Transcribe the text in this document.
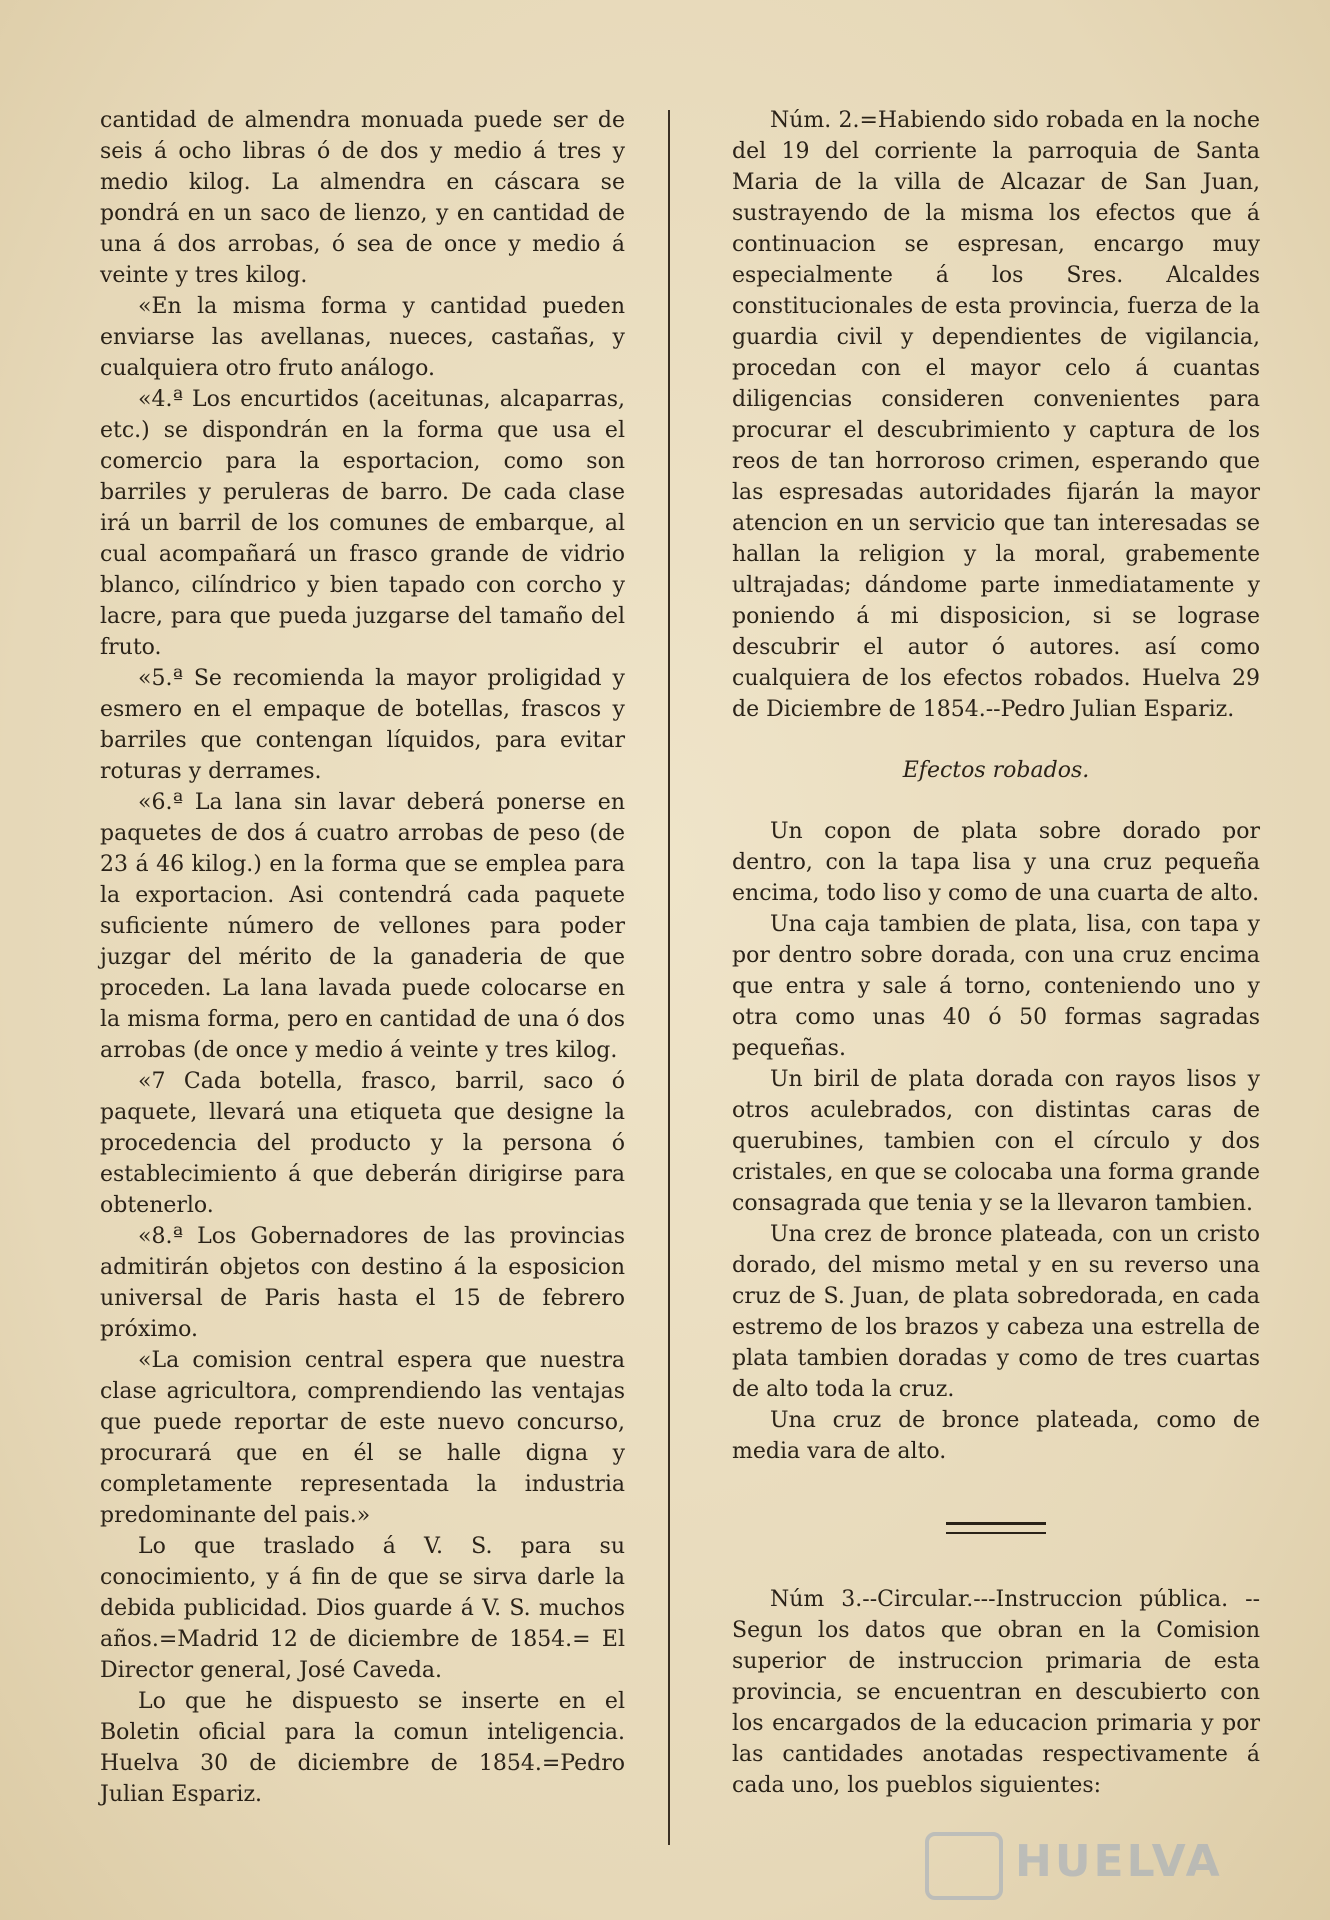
cantidad de almendra monuada puede ser de seis á ocho libras ó de dos y medio á tres y medio kilog. La almendra en cáscara se pondrá en un saco de lienzo, y en cantidad de una á dos arrobas, ó sea de once y medio á veinte y tres kilog.

«En la misma forma y cantidad pueden enviarse las avellanas, nueces, castañas, y cualquiera otro fruto análogo.

«4.ª Los encurtidos (aceitunas, alcaparras, etc.) se dispondrán en la forma que usa el comercio para la esportacion, como son barriles y peruleras de barro. De cada clase irá un barril de los comunes de embarque, al cual acompañará un frasco grande de vidrio blanco, cilíndrico y bien tapado con corcho y lacre, para que pueda juzgarse del tamaño del fruto.

«5.ª Se recomienda la mayor proligidad y esmero en el empaque de botellas, frascos y barriles que contengan líquidos, para evitar roturas y derrames.

«6.ª La lana sin lavar deberá ponerse en paquetes de dos á cuatro arrobas de peso (de 23 á 46 kilog.) en la forma que se emplea para la exportacion. Asi contendrá cada paquete suficiente número de vellones para poder juzgar del mérito de la ganaderia de que proceden. La lana lavada puede colocarse en la misma forma, pero en cantidad de una ó dos arrobas (de once y medio á veinte y tres kilog.

«7 Cada botella, frasco, barril, saco ó paquete, llevará una etiqueta que designe la procedencia del producto y la persona ó establecimiento á que deberán dirigirse para obtenerlo.

«8.ª Los Gobernadores de las provincias admitirán objetos con destino á la esposicion universal de Paris hasta el 15 de febrero próximo.

«La comision central espera que nuestra clase agricultora, comprendiendo las ventajas que puede reportar de este nuevo concurso, procurará que en él se halle digna y completamente representada la industria predominante del pais.»

Lo que traslado á V. S. para su conocimiento, y á fin de que se sirva darle la debida publicidad. Dios guarde á V. S. muchos años.=Madrid 12 de diciembre de 1854.= El Director general, José Caveda.

Lo que he dispuesto se inserte en el Boletin oficial para la comun inteligencia. Huelva 30 de diciembre de 1854.=Pedro Julian Espariz.

Núm. 2.=Habiendo sido robada en la noche del 19 del corriente la parroquia de Santa Maria de la villa de Alcazar de San Juan, sustrayendo de la misma los efectos que á continuacion se espresan, encargo muy especialmente á los Sres. Alcaldes constitucionales de esta provincia, fuerza de la guardia civil y dependientes de vigilancia, procedan con el mayor celo á cuantas diligencias consideren convenientes para procurar el descubrimiento y captura de los reos de tan horroroso crimen, esperando que las espresadas autoridades fijarán la mayor atencion en un servicio que tan interesadas se hallan la religion y la moral, grabemente ultrajadas; dándome parte inmediatamente y poniendo á mi disposicion, si se lograse descubrir el autor ó autores. así como cualquiera de los efectos robados. Huelva 29 de Diciembre de 1854.--Pedro Julian Espariz.

Efectos robados.

Un copon de plata sobre dorado por dentro, con la tapa lisa y una cruz pequeña encima, todo liso y como de una cuarta de alto.

Una caja tambien de plata, lisa, con tapa y por dentro sobre dorada, con una cruz encima que entra y sale á torno, conteniendo uno y otra como unas 40 ó 50 formas sagradas pequeñas.

Un biril de plata dorada con rayos lisos y otros aculebrados, con distintas caras de querubines, tambien con el círculo y dos cristales, en que se colocaba una forma grande consagrada que tenia y se la llevaron tambien.

Una crez de bronce plateada, con un cristo dorado, del mismo metal y en su reverso una cruz de S. Juan, de plata sobredorada, en cada estremo de los brazos y cabeza una estrella de plata tambien doradas y como de tres cuartas de alto toda la cruz.

Una cruz de bronce plateada, como de media vara de alto.

Núm 3.--Circular.---Instruccion pública. --Segun los datos que obran en la Comision superior de instruccion primaria de esta provincia, se encuentran en descubierto con los encargados de la educacion primaria y por las cantidades anotadas respectivamente á cada uno, los pueblos siguientes:

HUELVA
